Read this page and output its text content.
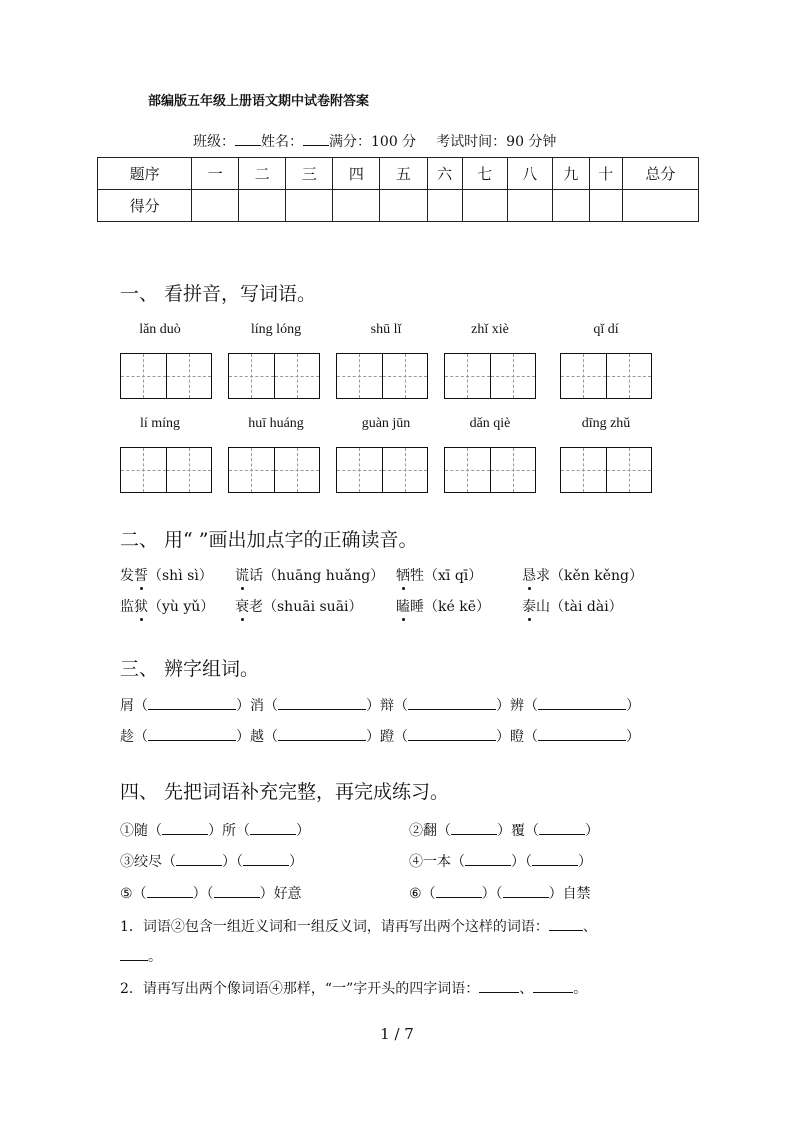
部编版五年级上册语文期中试卷附答案
班级： 姓名： 满分：100 分 考试时间：90 分钟
题序	一	二	三	四	五	六	七	八	九	十	总分
得分											
一、 看拼音，写词语。
lǎn duò	líng lóng	shū lǐ	zhǐ xiè	qǐ dí
lí míng	huī huáng	guàn jūn	dǎn qiè	dīng zhǔ
二、 用“ ”画出加点字的正确读音。
发誓（shì sì） 谎话（huāng huǎng） 牺牲（xī qī）	恳求（kěn kěng）
监狱（yù yǔ） 衰老（shuāi suāi） 瞌睡（ké kē） 泰山（tài dài）
三、 辨字组词。
屑（	）消（	）辩（	）辨（	）
趁（	）越（	）蹬（	）瞪（	）
四、 先把词语补充完整，再完成练习。
①随（	）所（	）	②翻（	）覆（	）
③绞尽（	）（	）	④一本（	）（	）
⑤（	）（	）好意	⑥（	）（	）自禁
1．词语②包含一组近义词和一组反义词，请再写出两个这样的词语： 、
。
2．请再写出两个像词语④那样，“一”字开头的四字词语：	、	。
1 / 7
